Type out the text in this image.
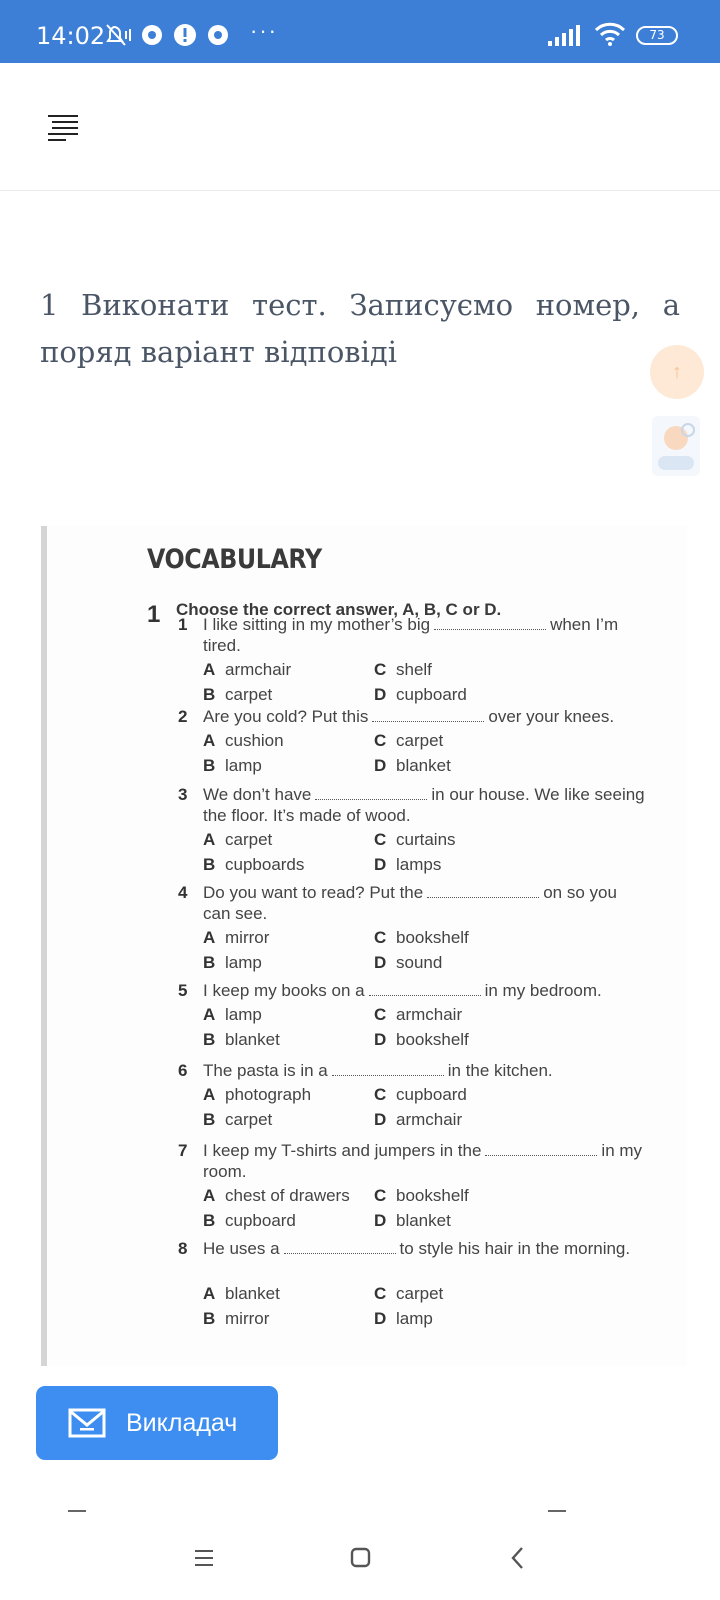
14:02	···	73
1 Виконати тест. Записуємо номер, а поряд варіант відповіді
↑
VOCABULARY
1 Choose the correct answer, A, B, C or D.
1 I like sitting in my mother’s big	when I’m tired.
A armchair
B carpet
C shelf
D cupboard
2 Are you cold? Put this	over your knees.
A cushion
B lamp
C carpet
D blanket
3 We don’t have	in our house. We like seeing the floor. It’s made of wood.
A carpet
B cupboards
C curtains
D lamps
4 Do you want to read? Put the	on so you can see.
A mirror
B lamp
C bookshelf
D sound
5 I keep my books on a	in my bedroom.
A lamp
B blanket
C armchair
D bookshelf
6 The pasta is in a	in the kitchen.
A photograph
B carpet
C cupboard
D armchair
7 I keep my T-shirts and jumpers in the	in my room.
A chest of drawers
B cupboard
C bookshelf
D blanket
8 He uses a	to style his hair in the morning.
A blanket
B mirror
C carpet
D lamp
Викладач
